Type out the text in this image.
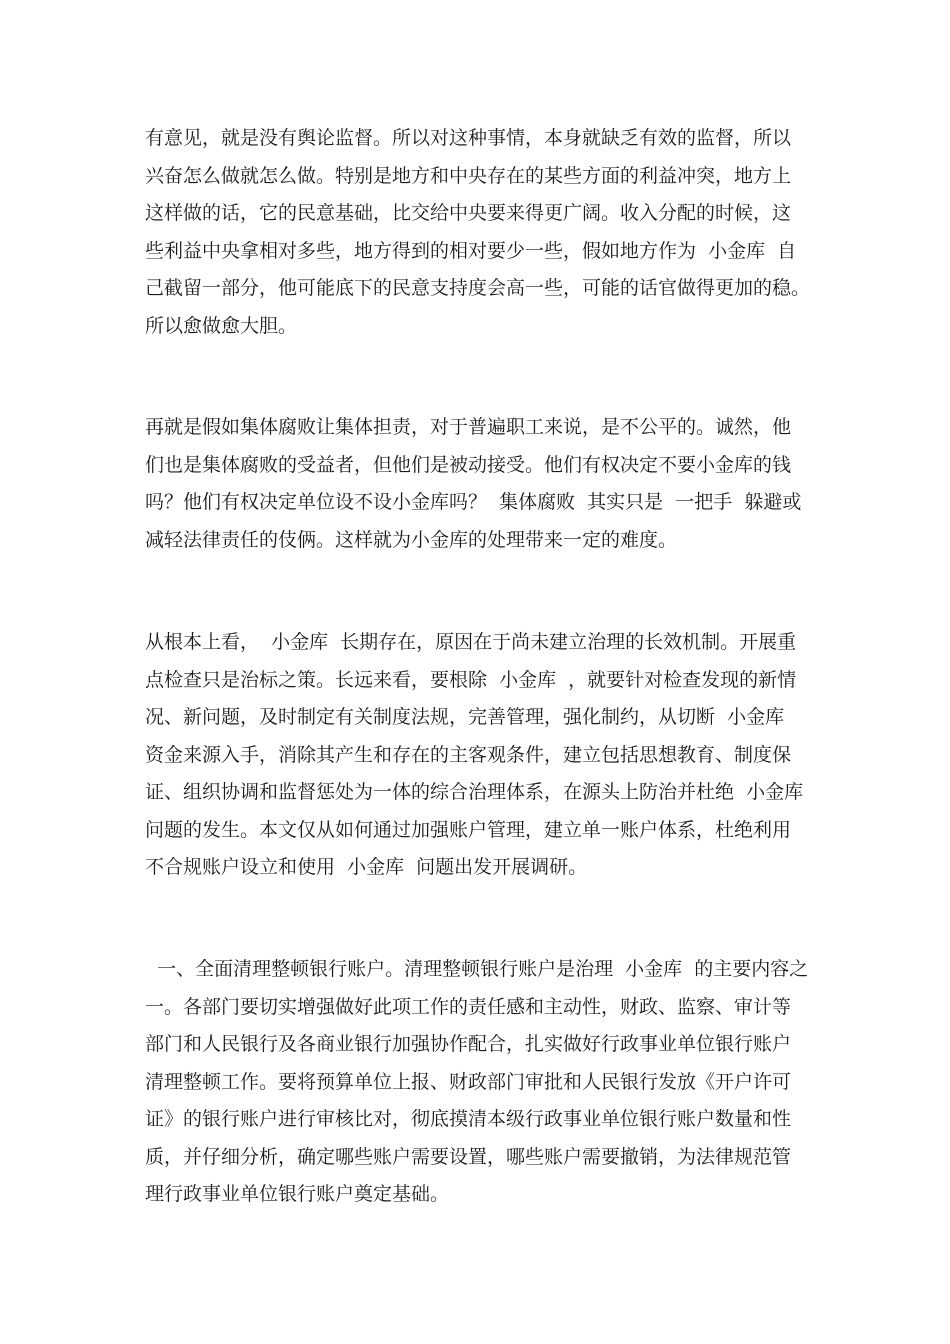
有意见，就是没有舆论监督。所以对这种事情，本身就缺乏有效的监督，所以
兴奋怎么做就怎么做。特别是地方和中央存在的某些方面的利益冲突，地方上
这样做的话，它的民意基础，比交给中央要来得更广阔。收入分配的时候，这
些利益中央拿相对多些，地方得到的相对要少一些，假如地方作为  小金库  自
己截留一部分，他可能底下的民意支持度会高一些，可能的话官做得更加的稳。
所以愈做愈大胆。
再就是假如集体腐败让集体担责，对于普遍职工来说，是不公平的。诚然，他
们也是集体腐败的受益者，但他们是被动接受。他们有权决定不要小金库的钱
吗？他们有权决定单位设不设小金库吗？  集体腐败  其实只是  一把手  躲避或
减轻法律责任的伎俩。这样就为小金库的处理带来一定的难度。
从根本上看，  小金库  长期存在，原因在于尚未建立治理的长效机制。开展重
点检查只是治标之策。长远来看，要根除  小金库  ，就要针对检查发现的新情
况、新问题，及时制定有关制度法规，完善管理，强化制约，从切断  小金库
资金来源入手，消除其产生和存在的主客观条件，建立包括思想教育、制度保
证、组织协调和监督惩处为一体的综合治理体系，在源头上防治并杜绝  小金库
问题的发生。本文仅从如何通过加强账户管理，建立单一账户体系，杜绝利用
不合规账户设立和使用  小金库  问题出发开展调研。
一、全面清理整顿银行账户。清理整顿银行账户是治理  小金库  的主要内容之
一。各部门要切实增强做好此项工作的责任感和主动性，财政、监察、审计等
部门和人民银行及各商业银行加强协作配合，扎实做好行政事业单位银行账户
清理整顿工作。要将预算单位上报、财政部门审批和人民银行发放《开户许可
证》的银行账户进行审核比对，彻底摸清本级行政事业单位银行账户数量和性
质，并仔细分析，确定哪些账户需要设置，哪些账户需要撤销，为法律规范管
理行政事业单位银行账户奠定基础。
